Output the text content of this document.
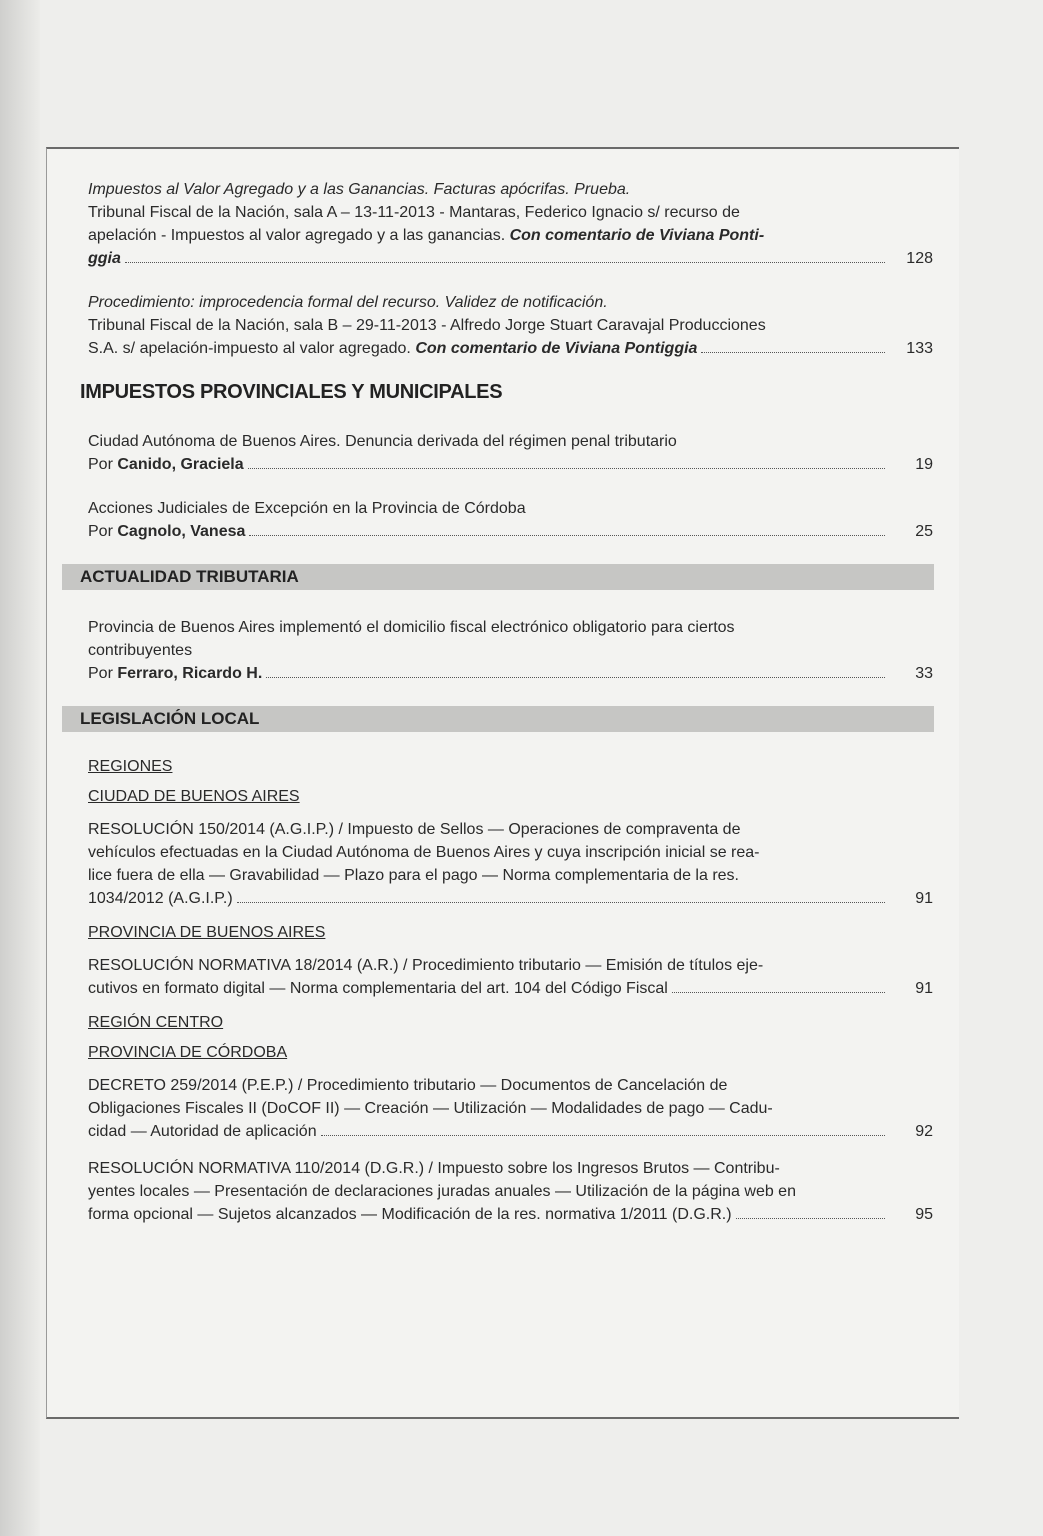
Impuestos al Valor Agregado y a las Ganancias. Facturas apócrifas. Prueba.

Tribunal Fiscal de la Nación, sala A – 13-11-2013 - Mantaras, Federico Ignacio s/ recurso de

apelación - Impuestos al valor agregado y a las ganancias. Con comentario de Viviana Ponti-

ggia	128

Procedimiento: improcedencia formal del recurso. Validez de notificación.

Tribunal Fiscal de la Nación, sala B – 29-11-2013 - Alfredo Jorge Stuart Caravajal Producciones

S.A. s/ apelación-impuesto al valor agregado. Con comentario de Viviana Pontiggia	133
IMPUESTOS PROVINCIALES Y MUNICIPALES

Ciudad Autónoma de Buenos Aires. Denuncia derivada del régimen penal tributario

Por Canido, Graciela	19

Acciones Judiciales de Excepción en la Provincia de Córdoba

Por Cagnolo, Vanesa	25
ACTUALIDAD TRIBUTARIA

Provincia de Buenos Aires implementó el domicilio fiscal electrónico obligatorio para ciertos

contribuyentes

Por Ferraro, Ricardo H.	33
LEGISLACIÓN LOCAL

REGIONES

CIUDAD DE BUENOS AIRES

RESOLUCIÓN 150/2014 (A.G.I.P.) / Impuesto de Sellos — Operaciones de compraventa de

vehículos efectuadas en la Ciudad Autónoma de Buenos Aires y cuya inscripción inicial se rea-

lice fuera de ella — Gravabilidad — Plazo para el pago — Norma complementaria de la res.

1034/2012 (A.G.I.P.)	91

PROVINCIA DE BUENOS AIRES

RESOLUCIÓN NORMATIVA 18/2014 (A.R.) / Procedimiento tributario — Emisión de títulos eje-

cutivos en formato digital — Norma complementaria del art. 104 del Código Fiscal	91

REGIÓN CENTRO

PROVINCIA DE CÓRDOBA

DECRETO 259/2014 (P.E.P.) / Procedimiento tributario — Documentos de Cancelación de

Obligaciones Fiscales II (DoCOF II) — Creación — Utilización — Modalidades de pago — Cadu-

cidad — Autoridad de aplicación	92

RESOLUCIÓN NORMATIVA 110/2014 (D.G.R.) / Impuesto sobre los Ingresos Brutos — Contribu-

yentes locales — Presentación de declaraciones juradas anuales — Utilización de la página web en

forma opcional — Sujetos alcanzados — Modificación de la res. normativa 1/2011 (D.G.R.)	95
